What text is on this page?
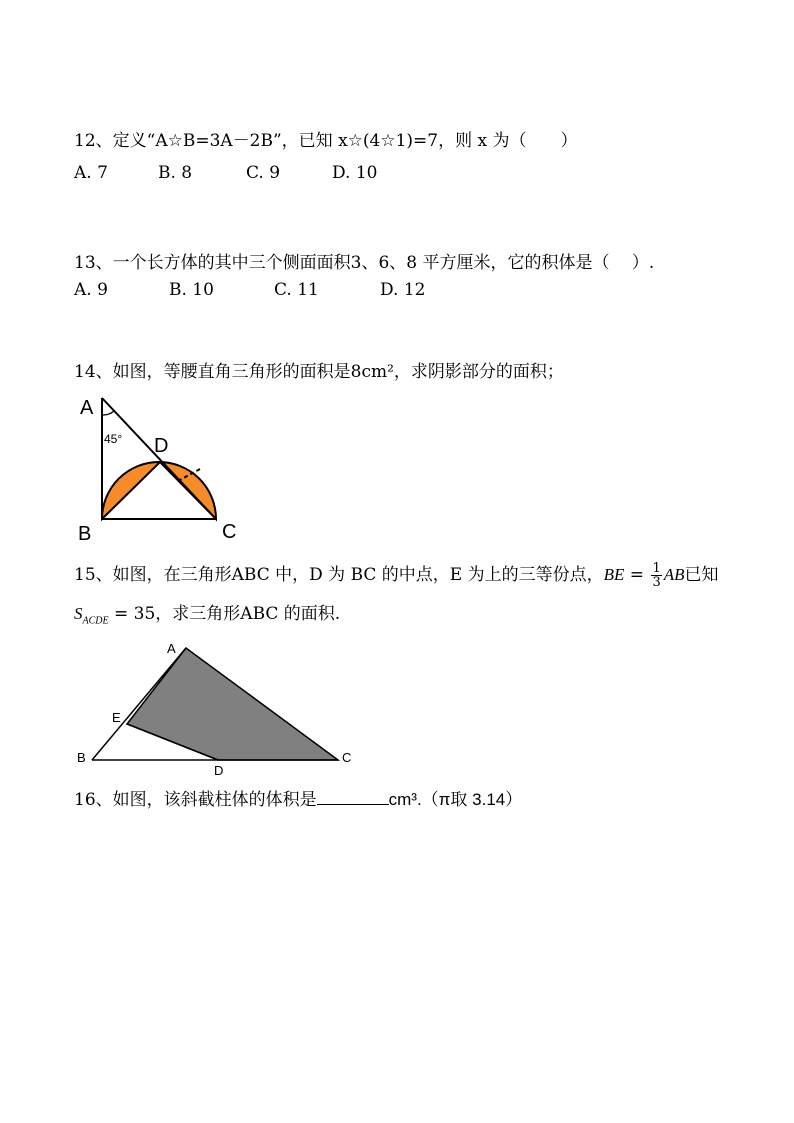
12、定义“A☆B=3A－2B”，已知 x☆(4☆1)=7，则 x 为（　　）
A. 7	B. 8	C. 9	D. 10
13、一个长方体的其中三个侧面面积3、6、8 平方厘米，它的积体是（　 ）.
A. 9	B. 10	C. 11	D. 12
14、如图，等腰直角三角形的面积是8cm²，求阴影部分的面积；
A
45° D
B	C
15、如图，在三角形ABC 中，D 为 BC 的中点，E 为上的三等份点，BE = $\frac{1}{3}$ AB已知
$S_{ACDE} = 35$，求三角形ABC 的面积.
A
E
B
D
C
16、如图，该斜截柱体的体积是	cm³.（π取 3.14）
